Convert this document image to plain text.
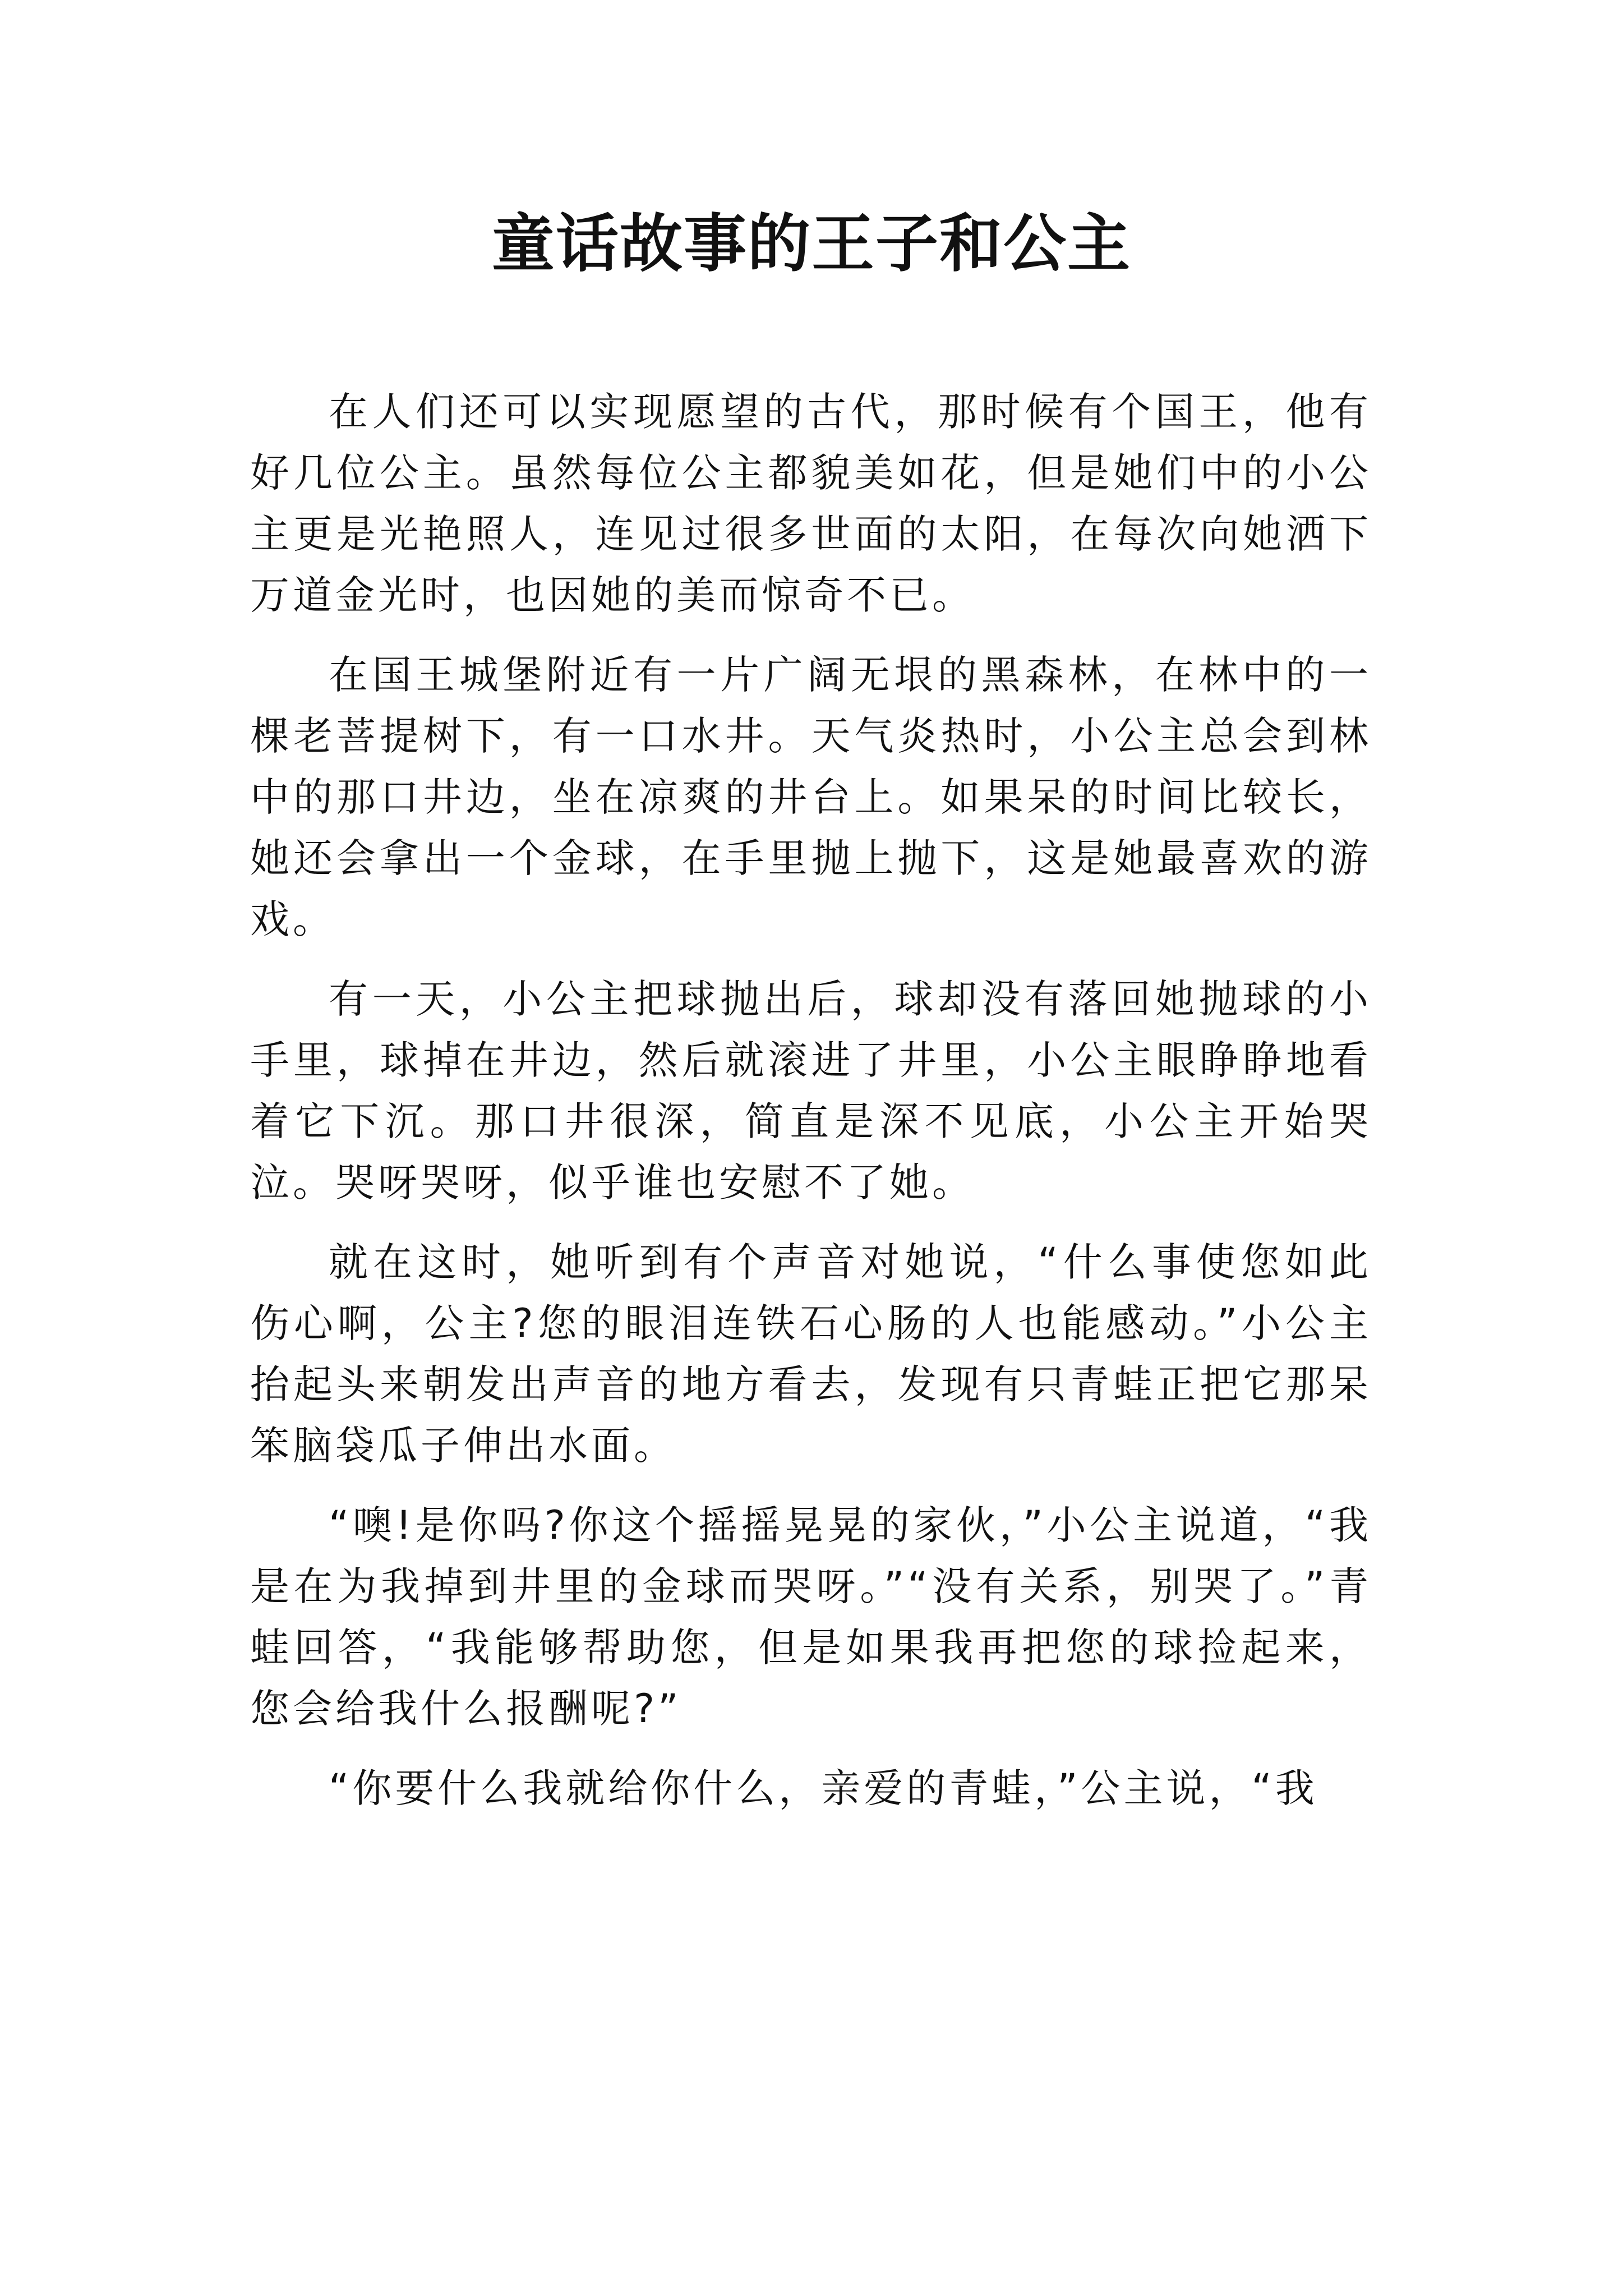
童话故事的王子和公主

在人们还可以实现愿望的古代，那时候有个国王，他有好几位公主。虽然每位公主都貌美如花，但是她们中的小公主更是光艳照人，连见过很多世面的太阳，在每次向她洒下万道金光时，也因她的美而惊奇不已。

在国王城堡附近有一片广阔无垠的黑森林，在林中的一棵老菩提树下，有一口水井。天气炎热时，小公主总会到林中的那口井边，坐在凉爽的井台上。如果呆的时间比较长，她还会拿出一个金球，在手里抛上抛下，这是她最喜欢的游戏。

有一天，小公主把球抛出后，球却没有落回她抛球的小手里，球掉在井边，然后就滚进了井里，小公主眼睁睁地看着它下沉。那口井很深，简直是深不见底，小公主开始哭泣。哭呀哭呀，似乎谁也安慰不了她。

就在这时，她听到有个声音对她说，“什么事使您如此伤心啊，公主?您的眼泪连铁石心肠的人也能感动。”小公主抬起头来朝发出声音的地方看去，发现有只青蛙正把它那呆笨脑袋瓜子伸出水面。

“噢!是你吗?你这个摇摇晃晃的家伙，”小公主说道，“我是在为我掉到井里的金球而哭呀。”“没有关系，别哭了。”青蛙回答，“我能够帮助您，但是如果我再把您的球捡起来，您会给我什么报酬呢?”

“你要什么我就给你什么，亲爱的青蛙，”公主说，“我
